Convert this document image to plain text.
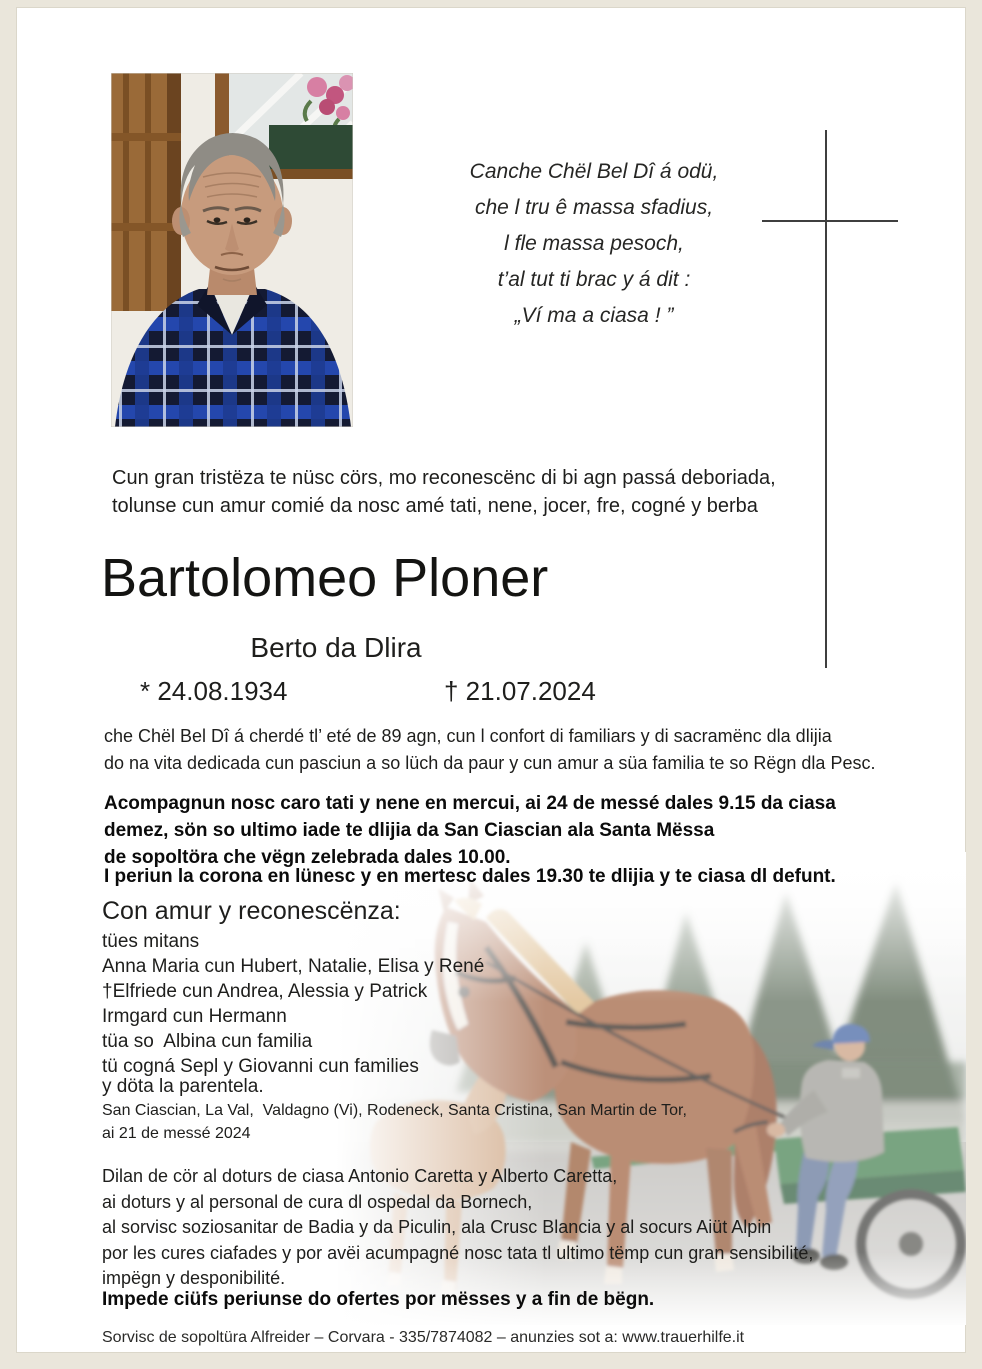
Canche Chël Bel Dî á odü,
che l tru ê massa sfadius,
l fle massa pesoch,
t’al tut ti brac y á dit :
„Ví ma a ciasa ! ”
Cun gran tristëza te nüsc cörs, mo reconescënc di bi agn passá deboriada,
tolunse cun amur comié da nosc amé tati, nene, jocer, fre, cogné y berba
Bartolomeo Ploner
Berto da Dlira
* 24.08.1934	† 21.07.2024
che Chël Bel Dî á cherdé tl’ eté de 89 agn, cun l confort di familiars y di sacramënc dla dlijia
do na vita dedicada cun pasciun a so lüch da paur y cun amur a süa familia te so Rëgn dla Pesc.
Acompagnun nosc caro tati y nene en mercui, ai 24 de messé dales 9.15 da ciasa
demez, sön so ultimo iade te dlijia da San Ciascian ala Santa Mëssa
de sopoltöra che vëgn zelebrada dales 10.00.
I periun la corona en lünesc y en mertesc dales 19.30 te dlijia y te ciasa dl defunt.
Con amur y reconescënza:
tües mitans
Anna Maria cun Hubert, Natalie, Elisa y René
†Elfriede cun Andrea, Alessia y Patrick
Irmgard cun Hermann
tüa so  Albina cun familia
tü cogná Sepl y Giovanni cun families
y döta la parentela.
San Ciascian, La Val,  Valdagno (Vi), Rodeneck, Santa Cristina, San Martin de Tor,
ai 21 de messé 2024
Dilan de cör al doturs de ciasa Antonio Caretta y Alberto Caretta,
ai doturs y al personal de cura dl ospedal da Bornech,
al sorvisc soziosanitar de Badia y da Piculin, ala Crusc Blancia y al socurs Aiüt Alpin
por les cures ciafades y por avëi acumpagné nosc tata tl ultimo tëmp cun gran sensibilité,
impëgn y desponibilité.
Impede ciüfs periunse do ofertes por mësses y a fin de bëgn.
Sorvisc de sopoltüra Alfreider – Corvara - 335/7874082 – anunzies sot a: www.trauerhilfe.it
